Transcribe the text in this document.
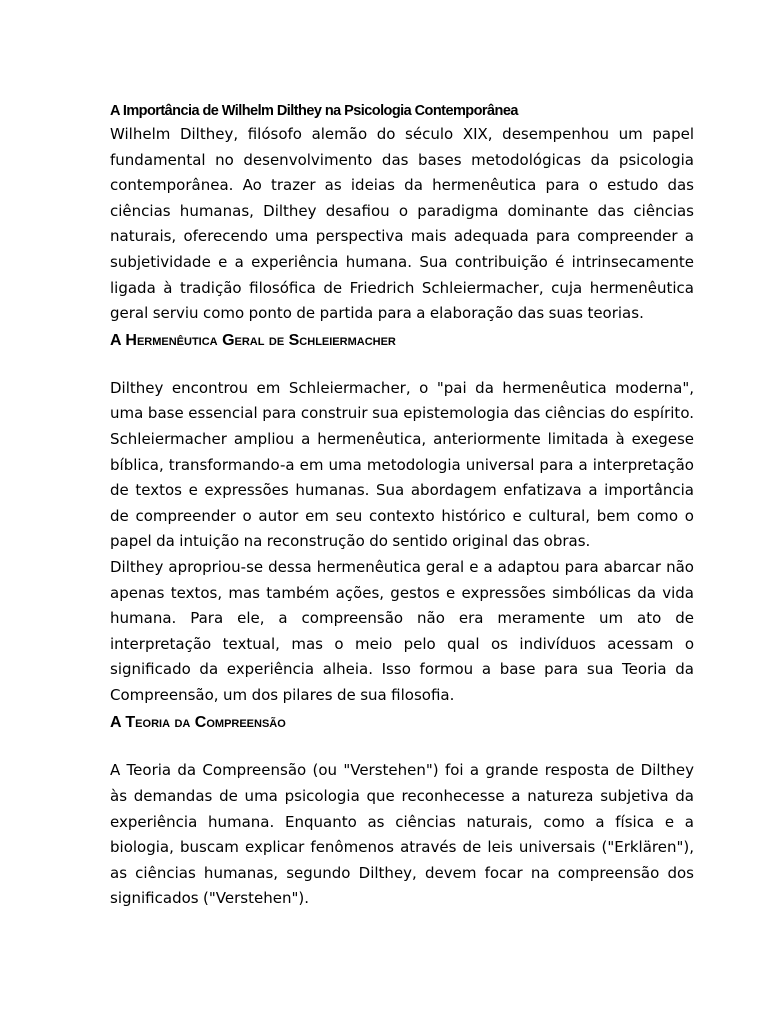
A Importância de Wilhelm Dilthey na Psicologia Contemporânea

Wilhelm Dilthey, filósofo alemão do século XIX, desempenhou um papel fundamental no desenvolvimento das bases metodológicas da psicologia contemporânea. Ao trazer as ideias da hermenêutica para o estudo das ciências humanas, Dilthey desafiou o paradigma dominante das ciências naturais, oferecendo uma perspectiva mais adequada para compreender a subjetividade e a experiência humana. Sua contribuição é intrinsecamente ligada à tradição filosófica de Friedrich Schleiermacher, cuja hermenêutica geral serviu como ponto de partida para a elaboração das suas teorias.

A Hermenêutica Geral de Schleiermacher

Dilthey encontrou em Schleiermacher, o "pai da hermenêutica moderna", uma base essencial para construir sua epistemologia das ciências do espírito. Schleiermacher ampliou a hermenêutica, anteriormente limitada à exegese bíblica, transformando-a em uma metodologia universal para a interpretação de textos e expressões humanas. Sua abordagem enfatizava a importância de compreender o autor em seu contexto histórico e cultural, bem como o papel da intuição na reconstrução do sentido original das obras.

Dilthey apropriou-se dessa hermenêutica geral e a adaptou para abarcar não apenas textos, mas também ações, gestos e expressões simbólicas da vida humana. Para ele, a compreensão não era meramente um ato de interpretação textual, mas o meio pelo qual os indivíduos acessam o significado da experiência alheia. Isso formou a base para sua Teoria da Compreensão, um dos pilares de sua filosofia.

A Teoria da Compreensão

A Teoria da Compreensão (ou "Verstehen") foi a grande resposta de Dilthey às demandas de uma psicologia que reconhecesse a natureza subjetiva da experiência humana. Enquanto as ciências naturais, como a física e a biologia, buscam explicar fenômenos através de leis universais ("Erklären"), as ciências humanas, segundo Dilthey, devem focar na compreensão dos significados ("Verstehen").
